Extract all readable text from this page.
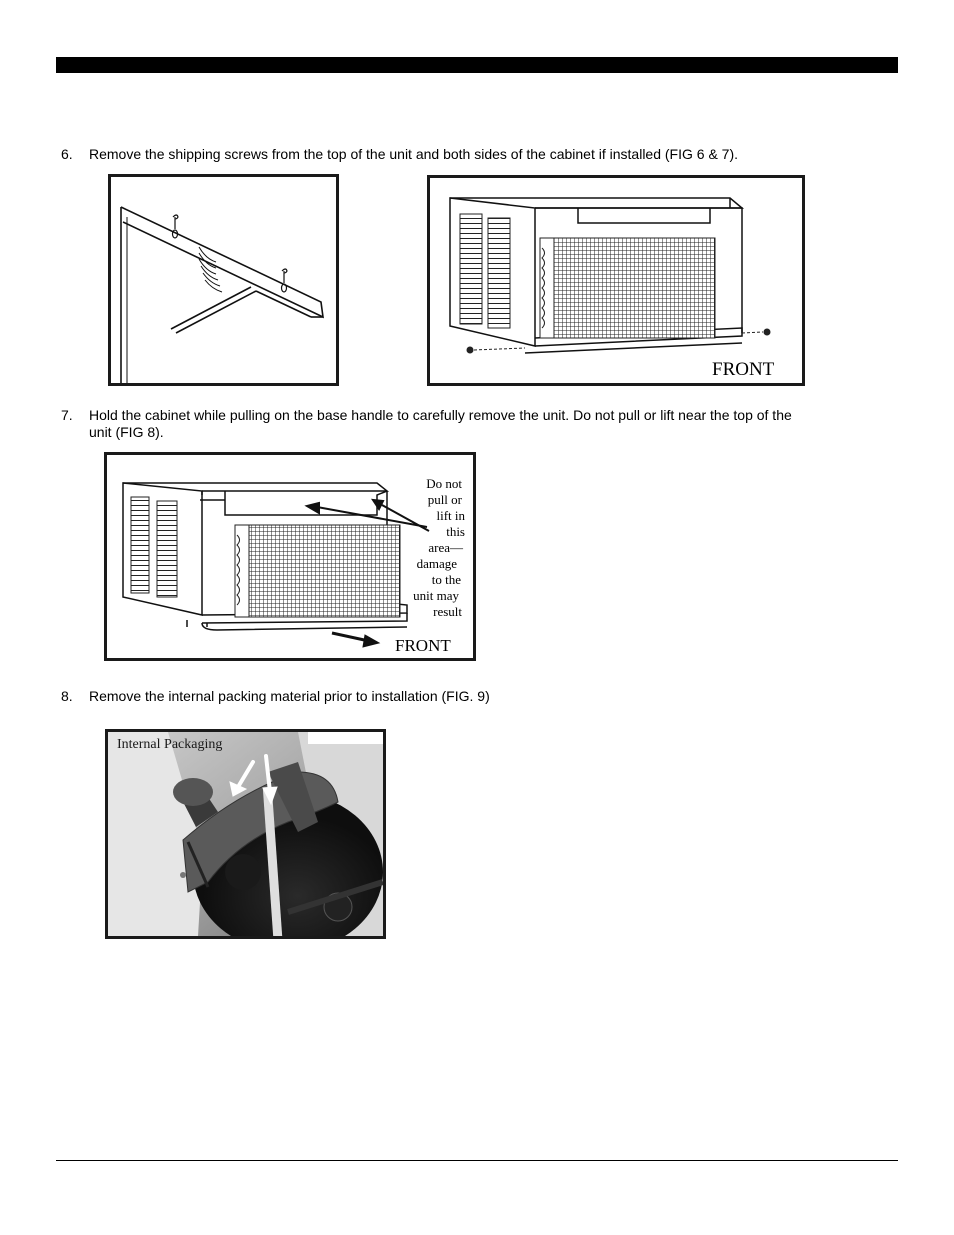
6.	Remove the shipping screws from the top of the unit and both sides of the cabinet if installed (FIG 6 & 7).
FRONT
7.	Hold the cabinet while pulling on the base handle to carefully remove the unit. Do not pull or lift near the top of the
unit (FIG 8).
Do not
pull or
lift in
this
area—
damage
to the
unit may
result
FRONT
8.	Remove the internal packing material prior to installation (FIG. 9)
Internal Packaging
